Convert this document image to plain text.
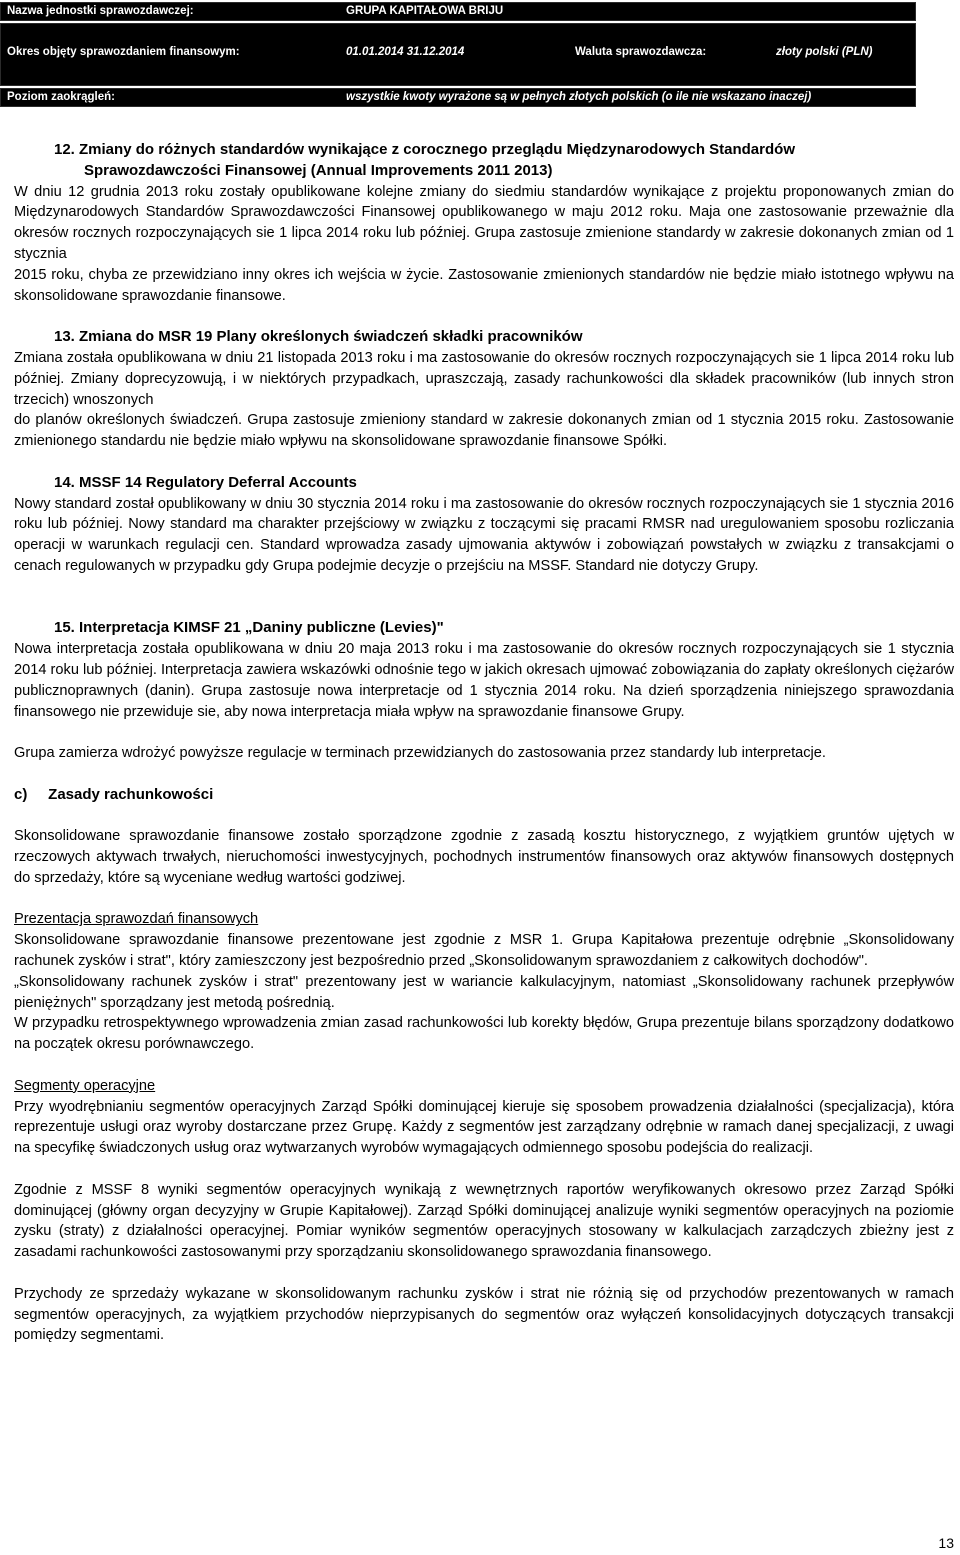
Nazwa jednostki sprawozdawczej:	GRUPA KAPITAŁOWA BRIJU
Okres objęty sprawozdaniem finansowym:	01.01.2014 31.12.2014	Waluta sprawozdawcza:	złoty polski (PLN)
Poziom zaokrągleń:	wszystkie kwoty wyrażone są w pełnych złotych polskich (o ile nie wskazano inaczej)

12. Zmiany do różnych standardów wynikające z corocznego przeglądu Międzynarodowych Standardów

Sprawozdawczości Finansowej (Annual Improvements 2011 2013)

W dniu 12 grudnia 2013 roku zostały opublikowane kolejne zmiany do siedmiu standardów wynikające z projektu proponowanych zmian do Międzynarodowych Standardów Sprawozdawczości Finansowej opublikowanego w maju 2012 roku. Maja one zastosowanie przeważnie dla okresów rocznych rozpoczynających sie 1 lipca 2014 roku lub później. Grupa zastosuje zmienione standardy w zakresie dokonanych zmian od 1 stycznia

2015 roku, chyba ze przewidziano inny okres ich wejścia w życie. Zastosowanie zmienionych standardów nie będzie miało istotnego wpływu na skonsolidowane sprawozdanie finansowe.

13. Zmiana do MSR 19 Plany określonych świadczeń składki pracowników

Zmiana została opublikowana w dniu 21 listopada 2013 roku i ma zastosowanie do okresów rocznych rozpoczynających sie 1 lipca 2014 roku lub później. Zmiany doprecyzowują, i w niektórych przypadkach, upraszczają, zasady rachunkowości dla składek pracowników (lub innych stron trzecich) wnoszonych

do planów określonych świadczeń. Grupa zastosuje zmieniony standard w zakresie dokonanych zmian od 1 stycznia 2015 roku. Zastosowanie zmienionego standardu nie będzie miało wpływu na skonsolidowane sprawozdanie finansowe Spółki.

14. MSSF 14 Regulatory Deferral Accounts

Nowy standard został opublikowany w dniu 30 stycznia 2014 roku i ma zastosowanie do okresów rocznych rozpoczynających sie 1 stycznia 2016 roku lub później. Nowy standard ma charakter przejściowy w związku z toczącymi się pracami RMSR nad uregulowaniem sposobu rozliczania operacji w warunkach regulacji cen. Standard wprowadza zasady ujmowania aktywów i zobowiązań powstałych w związku z transakcjami o cenach regulowanych w przypadku gdy Grupa podejmie decyzje o przejściu na MSSF. Standard nie dotyczy Grupy.

15. Interpretacja KIMSF 21 „Daniny publiczne (Levies)"

Nowa interpretacja została opublikowana w dniu 20 maja 2013 roku i ma zastosowanie do okresów rocznych rozpoczynających sie 1 stycznia 2014 roku lub później. Interpretacja zawiera wskazówki odnośnie tego w jakich okresach ujmować zobowiązania do zapłaty określonych ciężarów publicznoprawnych (danin). Grupa zastosuje nowa interpretacje od 1 stycznia 2014 roku. Na dzień sporządzenia niniejszego sprawozdania finansowego nie przewiduje sie, aby nowa interpretacja miała wpływ na sprawozdanie finansowe Grupy.

Grupa zamierza wdrożyć powyższe regulacje w terminach przewidzianych do zastosowania przez standardy lub interpretacje.

c)     Zasady rachunkowości

Skonsolidowane sprawozdanie finansowe zostało sporządzone zgodnie z zasadą kosztu historycznego, z wyjątkiem gruntów ujętych w rzeczowych aktywach trwałych, nieruchomości inwestycyjnych, pochodnych instrumentów finansowych oraz aktywów finansowych dostępnych do sprzedaży, które są wyceniane według wartości godziwej.

Prezentacja sprawozdań finansowych

Skonsolidowane sprawozdanie finansowe prezentowane jest zgodnie z MSR 1. Grupa Kapitałowa prezentuje odrębnie „Skonsolidowany rachunek zysków i strat", który zamieszczony jest bezpośrednio przed „Skonsolidowanym sprawozdaniem z całkowitych dochodów".

„Skonsolidowany rachunek zysków i strat" prezentowany jest w wariancie kalkulacyjnym, natomiast „Skonsolidowany rachunek przepływów pieniężnych" sporządzany jest metodą pośrednią.

W przypadku retrospektywnego wprowadzenia zmian zasad rachunkowości lub korekty błędów, Grupa prezentuje bilans sporządzony dodatkowo na początek okresu porównawczego.

Segmenty operacyjne

Przy wyodrębnianiu segmentów operacyjnych Zarząd Spółki dominującej kieruje się sposobem prowadzenia działalności (specjalizacja), która reprezentuje usługi oraz wyroby dostarczane przez Grupę. Każdy z segmentów jest zarządzany odrębnie w ramach danej specjalizacji, z uwagi na specyfikę świadczonych usług oraz wytwarzanych wyrobów wymagających odmiennego sposobu podejścia do realizacji.

Zgodnie z MSSF 8 wyniki segmentów operacyjnych wynikają z wewnętrznych raportów weryfikowanych okresowo przez Zarząd Spółki dominującej (główny organ decyzyjny w Grupie Kapitałowej). Zarząd Spółki dominującej analizuje wyniki segmentów operacyjnych na poziomie zysku (straty) z działalności operacyjnej. Pomiar wyników segmentów operacyjnych stosowany w kalkulacjach zarządczych zbieżny jest z zasadami rachunkowości zastosowanymi przy sporządzaniu skonsolidowanego sprawozdania finansowego.

Przychody ze sprzedaży wykazane w skonsolidowanym rachunku zysków i strat nie różnią się od przychodów prezentowanych w ramach segmentów operacyjnych, za wyjątkiem przychodów nieprzypisanych do segmentów oraz wyłączeń konsolidacyjnych dotyczących transakcji pomiędzy segmentami.

13
